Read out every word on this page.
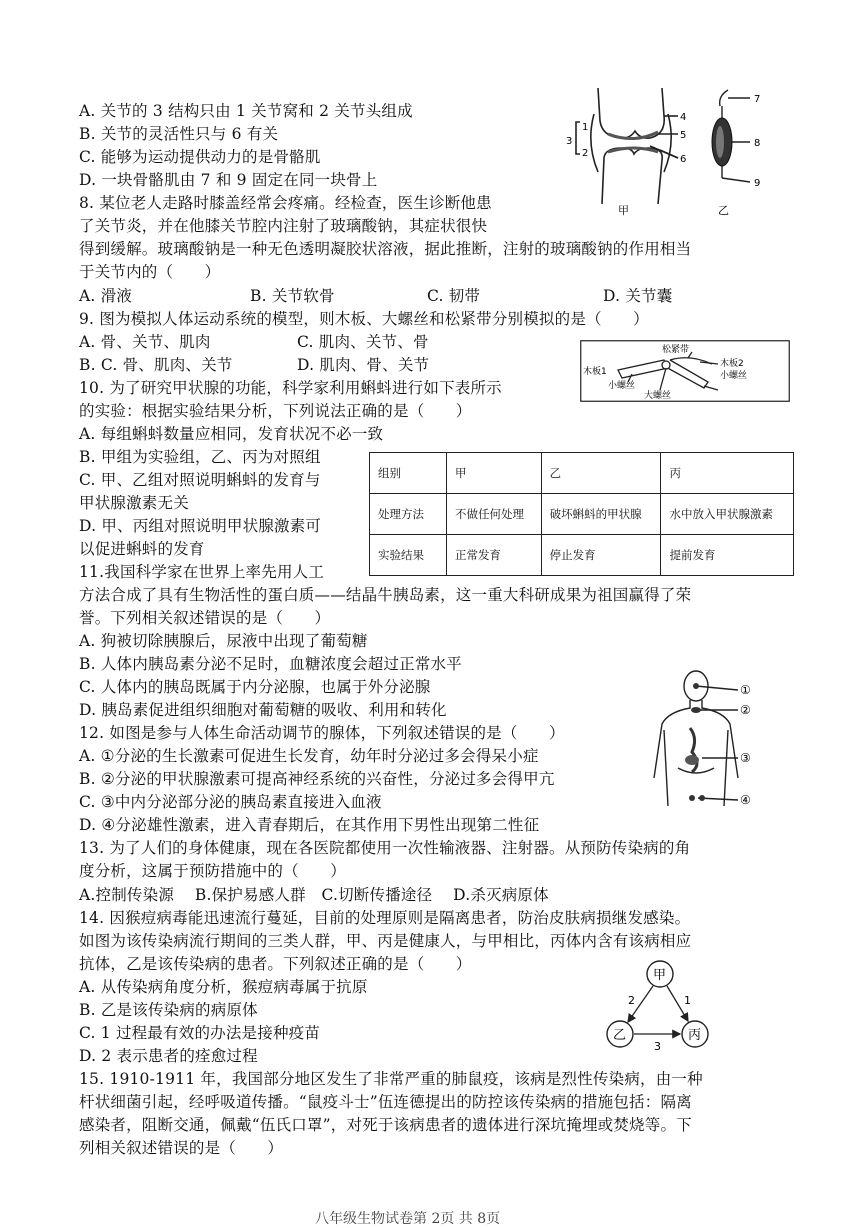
A. 关节的 3 结构只由 1 关节窝和 2 关节头组成
B. 关节的灵活性只与 6 有关
C. 能够为运动提供动力的是骨骼肌
D. 一块骨骼肌由 7 和 9 固定在同一块骨上
8. 某位老人走路时膝盖经常会疼痛。经检查，医生诊断他患
了关节炎，并在他膝关节腔内注射了玻璃酸钠，其症状很快
得到缓解。玻璃酸钠是一种无色透明凝胶状溶液，据此推断，注射的玻璃酸钠的作用相当
于关节内的（　　）
A. 滑液	B. 关节软骨	C. 韧带	D. 关节囊
9. 图为模拟人体运动系统的模型，则木板、大螺丝和松紧带分别模拟的是（　　）
A. 骨、关节、肌肉	C. 肌肉、关节、骨
B. C. 骨、肌肉、关节	D. 肌肉、骨、关节
10. 为了研究甲状腺的功能，科学家利用蝌蚪进行如下表所示
的实验：根据实验结果分析，下列说法正确的是（　　）
A. 每组蝌蚪数量应相同，发育状况不必一致
B. 甲组为实验组，乙、丙为对照组
C. 甲、乙组对照说明蝌蚪的发育与
甲状腺激素无关
D. 甲、丙组对照说明甲状腺激素可
以促进蝌蚪的发育
11.我国科学家在世界上率先用人工
方法合成了具有生物活性的蛋白质——结晶牛胰岛素，这一重大科研成果为祖国赢得了荣
誉。下列相关叙述错误的是（　　）
A. 狗被切除胰腺后，尿液中出现了葡萄糖
B. 人体内胰岛素分泌不足时，血糖浓度会超过正常水平
C. 人体内的胰岛既属于内分泌腺，也属于外分泌腺
D. 胰岛素促进组织细胞对葡萄糖的吸收、利用和转化
12. 如图是参与人体生命活动调节的腺体，下列叙述错误的是（　　）
A. ①分泌的生长激素可促进生长发育，幼年时分泌过多会得呆小症
B. ②分泌的甲状腺激素可提高神经系统的兴奋性，分泌过多会得甲亢
C. ③中内分泌部分泌的胰岛素直接进入血液
D. ④分泌雄性激素，进入青春期后，在其作用下男性出现第二性征
13. 为了人们的身体健康，现在各医院都使用一次性输液器、注射器。从预防传染病的角
度分析，这属于预防措施中的（　　）
A.控制传染源　 B.保护易感人群　C.切断传播途径　 D.杀灭病原体
14. 因猴痘病毒能迅速流行蔓延，目前的处理原则是隔离患者，防治皮肤病损继发感染。
如图为该传染病流行期间的三类人群，甲、丙是健康人，与甲相比，丙体内含有该病相应
抗体，乙是该传染病的患者。下列叙述正确的是（　　）
A. 从传染病角度分析，猴痘病毒属于抗原
B. 乙是该传染病的病原体
C. 1 过程最有效的办法是接种疫苗
D. 2 表示患者的痊愈过程
15. 1910-1911 年，我国部分地区发生了非常严重的肺鼠疫，该病是烈性传染病，由一种
杆状细菌引起，经呼吸道传播。“鼠疫斗士”伍连德提出的防控该传染病的措施包括：隔离
感染者，阻断交通，佩戴“伍氏口罩”，对死于该病患者的遗体进行深坑掩埋或焚烧等。下
列相关叙述错误的是（　　）
3
1
2
4
5
6
甲
7
8
9
乙
松紧带
木板1
木板2
小螺丝
小螺丝
大螺丝
组别	甲	乙	丙
处理方法	不做任何处理	破坏蝌蚪的甲状腺	水中放入甲状腺激素
实验结果	正常发育	停止发育	提前发育
①
②
③
④
甲
乙	丙
2	1
3
八年级生物试卷第 2页 共 8页
